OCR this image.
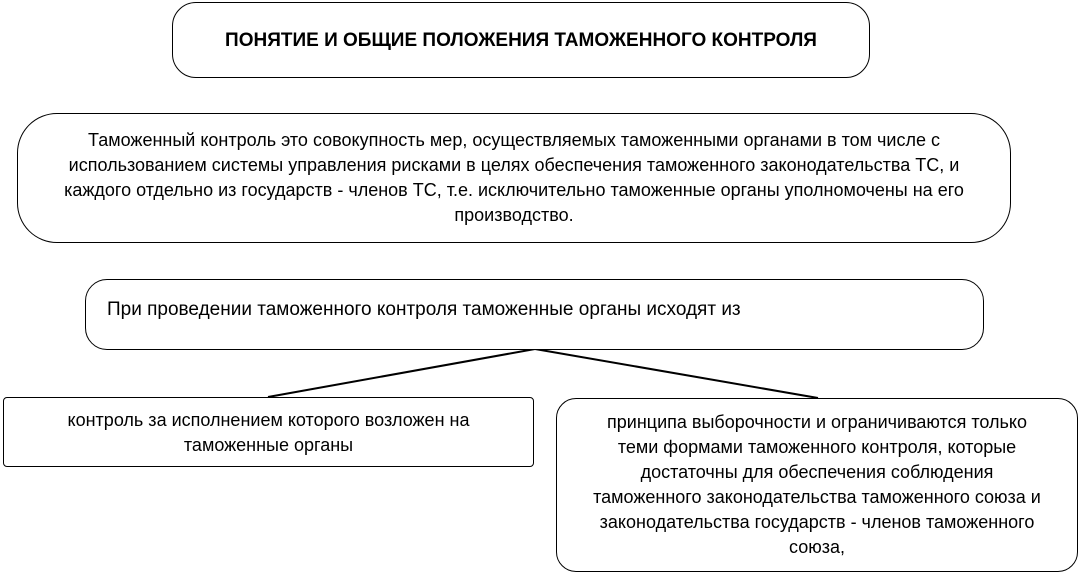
ПОНЯТИЕ И ОБЩИЕ ПОЛОЖЕНИЯ ТАМОЖЕННОГО КОНТРОЛЯ
Таможенный контроль это совокупность мер, осуществляемых таможенными органами в том числе с использованием системы управления рисками в целях обеспечения таможенного законодательства ТС, и каждого отдельно из государств - членов ТС, т.е. исключительно таможенные органы уполномочены на его производство.
При проведении таможенного контроля таможенные органы исходят из
контроль за исполнением которого возложен на таможенные органы
принципа выборочности и ограничиваются только теми формами таможенного контроля, которые достаточны для обеспечения соблюдения таможенного законодательства таможенного союза и законодательства государств - членов таможенного союза,
